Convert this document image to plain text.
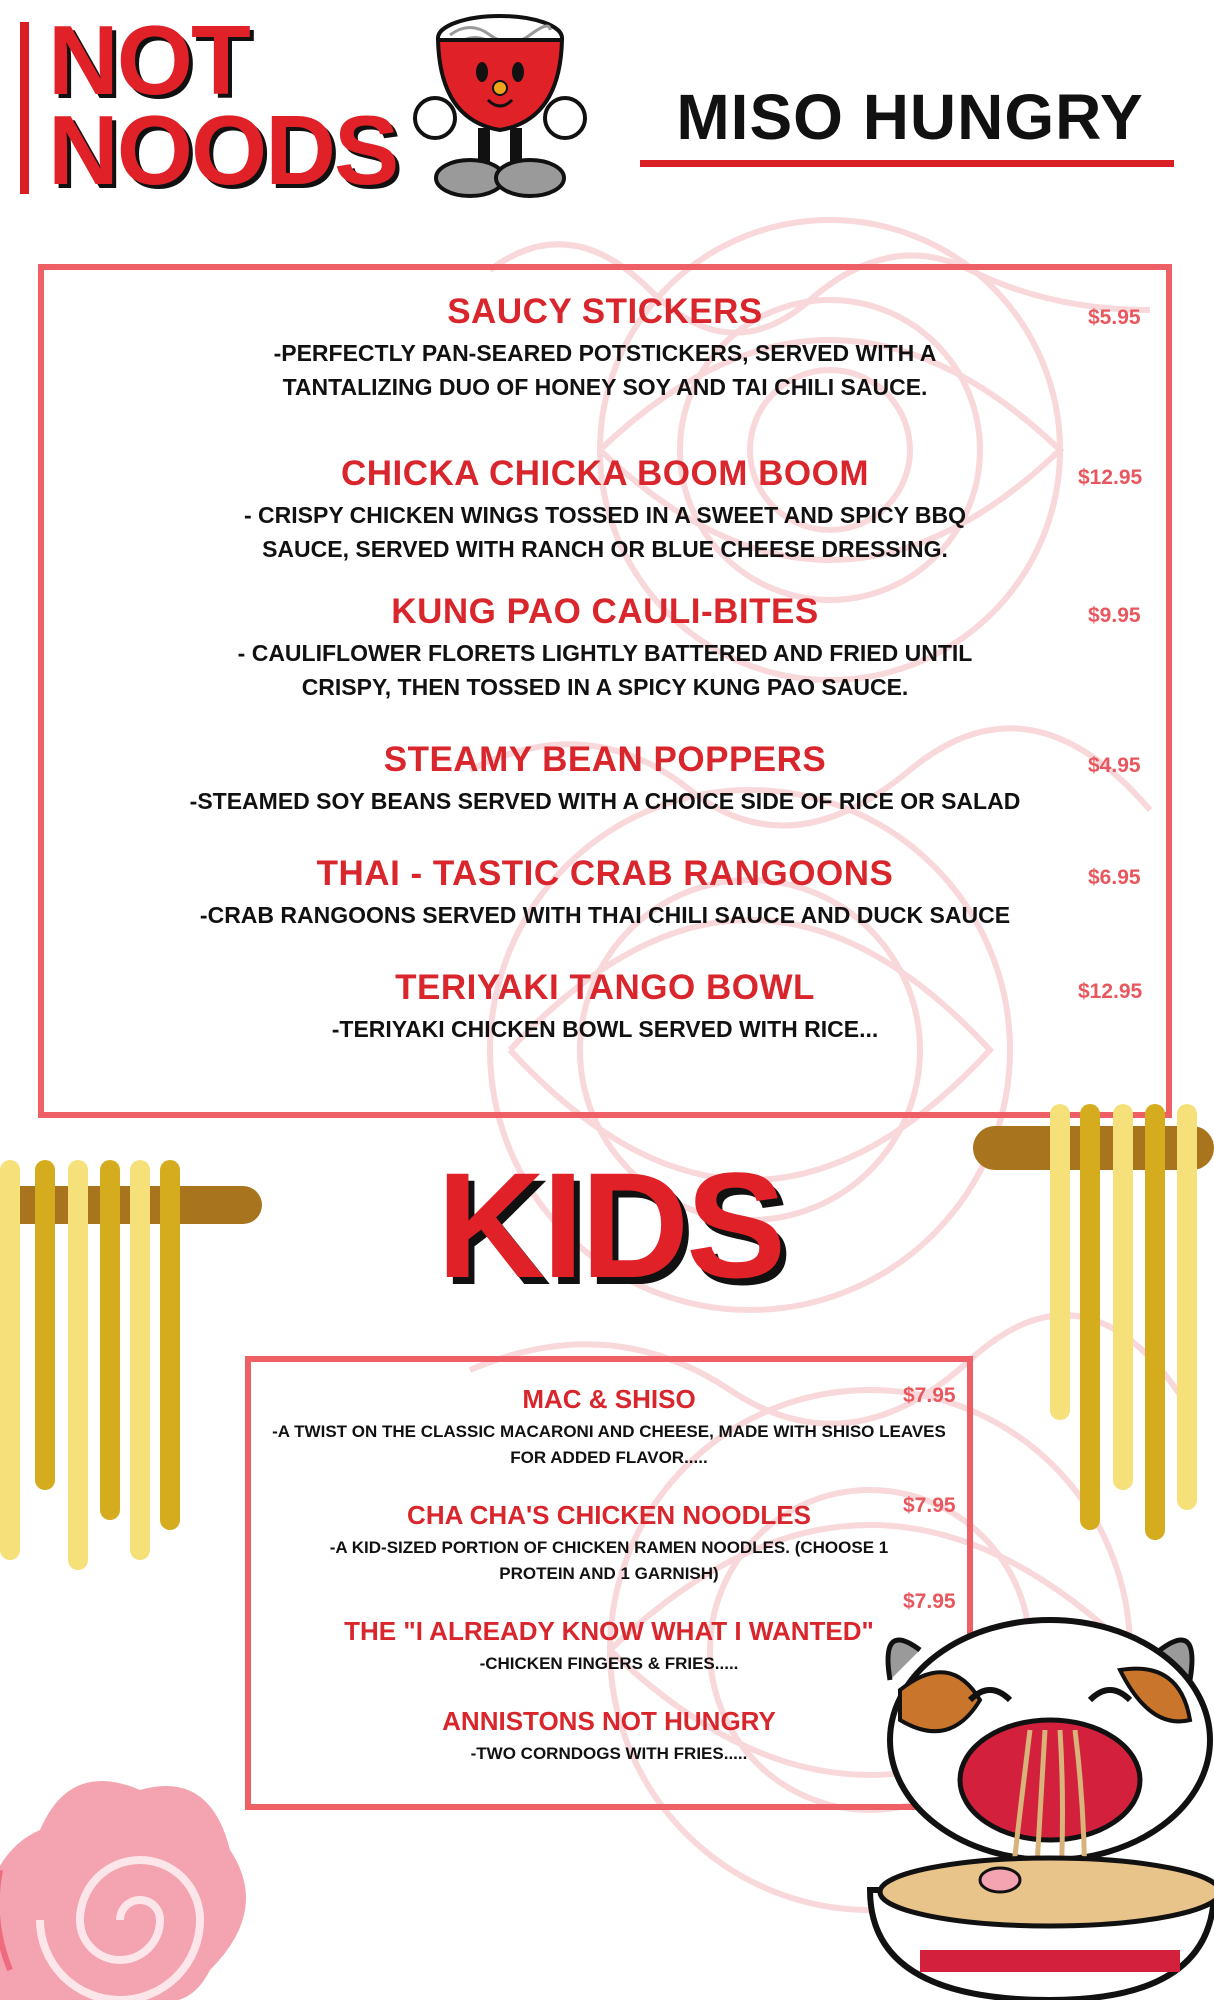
NOT
NOODS	MISO HUNGRY
SAUCY STICKERS
-PERFECTLY PAN-SEARED POTSTICKERS, SERVED WITH A TANTALIZING DUO OF HONEY SOY AND TAI CHILI SAUCE.
$5.95
CHICKA CHICKA BOOM BOOM
- CRISPY CHICKEN WINGS TOSSED IN A SWEET AND SPICY BBQ SAUCE, SERVED WITH RANCH OR BLUE CHEESE DRESSING.
$12.95
KUNG PAO CAULI-BITES
- CAULIFLOWER FLORETS LIGHTLY BATTERED AND FRIED UNTIL CRISPY, THEN TOSSED IN A SPICY KUNG PAO SAUCE.
$9.95
STEAMY BEAN POPPERS
-STEAMED SOY BEANS SERVED WITH A CHOICE SIDE OF RICE OR SALAD
$4.95
THAI - TASTIC CRAB RANGOONS
-CRAB RANGOONS SERVED WITH THAI CHILI SAUCE AND DUCK SAUCE
$6.95
TERIYAKI TANGO BOWL
-TERIYAKI CHICKEN BOWL SERVED WITH RICE...
$12.95
KIDS
MAC & SHISO
-A TWIST ON THE CLASSIC MACARONI AND CHEESE, MADE WITH SHISO LEAVES FOR ADDED FLAVOR.....
$7.95
CHA CHA'S CHICKEN NOODLES
-A KID-SIZED PORTION OF CHICKEN RAMEN NOODLES. (CHOOSE 1 PROTEIN AND 1 GARNISH)
$7.95
THE "I ALREADY KNOW WHAT I WANTED"
-CHICKEN FINGERS & FRIES.....
$7.95
ANNISTONS NOT HUNGRY
-TWO CORNDOGS WITH FRIES.....
